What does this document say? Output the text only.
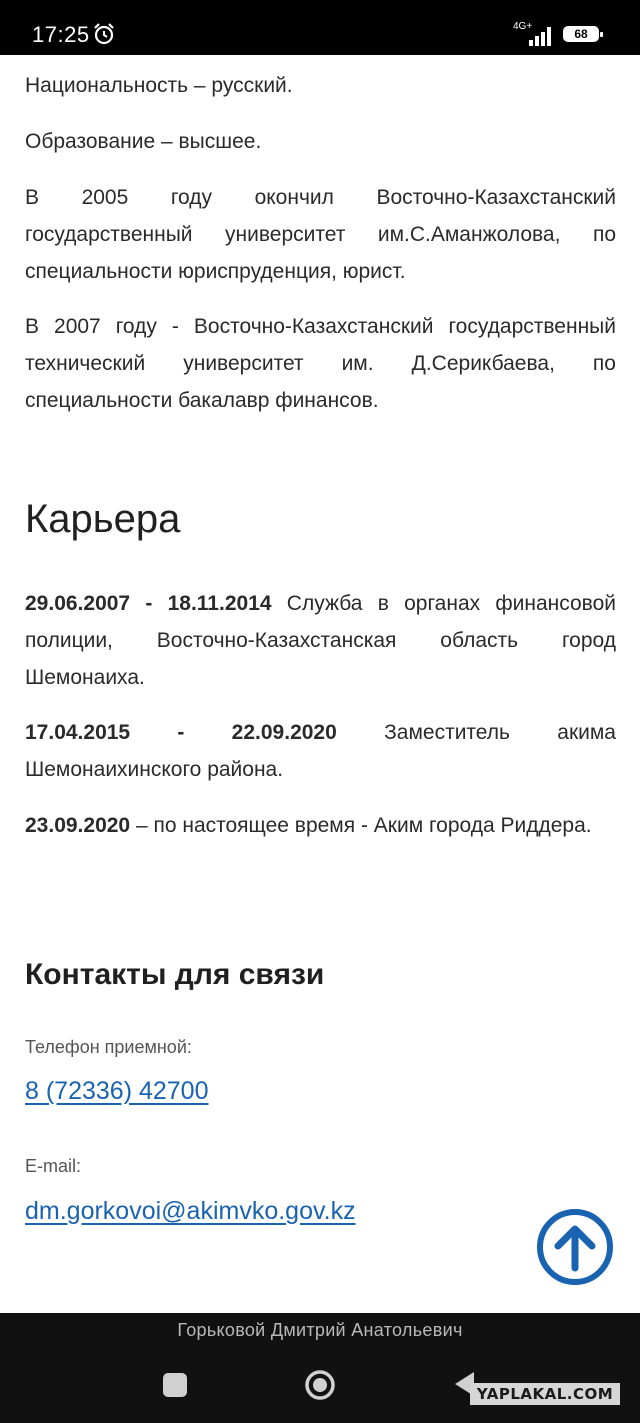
17:25	4G+
68
Национальность – русский.
Образование – высшее.
В 2005 году окончил Восточно-Казахстанский государственный университет им.С.Аманжолова, по специальности юриспруденция, юрист.
В 2007 году - Восточно-Казахстанский государственный технический университет им. Д.Серикбаева, по специальности бакалавр финансов.
Карьера
29.06.2007 - 18.11.2014 Служба в органах финансовой полиции, Восточно-Казахстанская область город Шемонаиха.
17.04.2015 - 22.09.2020 Заместитель акима Шемонаихинского района.
23.09.2020 – по настоящее время - Аким города Риддера.
Контакты для связи
Телефон приемной:
8 (72336) 42700
E-mail:
dm.gorkovoi@akimvko.gov.kz
Горьковой Дмитрий Анатольевич
YAPLAKAL.COM
